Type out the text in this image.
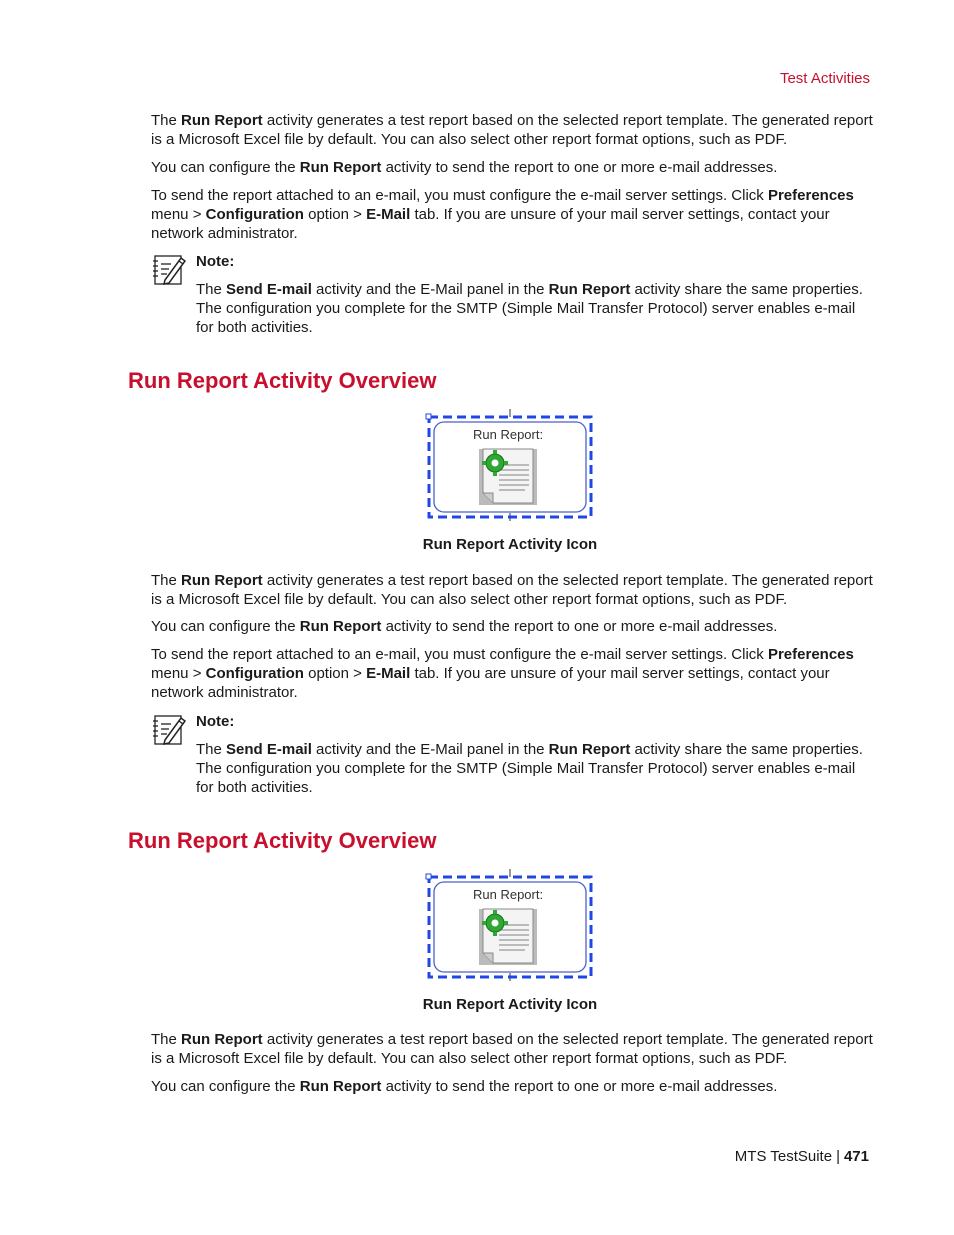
Test Activities

The Run Report activity generates a test report based on the selected report template. The generated report is a Microsoft Excel file by default. You can also select other report format options, such as PDF.

You can configure the Run Report activity to send the report to one or more e-mail addresses.

To send the report attached to an e-mail, you must configure the e-mail server settings. Click Preferences menu > Configuration option > E-Mail tab. If you are unsure of your mail server settings, contact your network administrator.

Note:

The Send E-mail activity and the E-Mail panel in the Run Report activity share the same properties. The configuration you complete for the SMTP (Simple Mail Transfer Protocol) server enables e-mail for both activities.

Run Report Activity Overview
Run Report:
Run Report Activity Icon

The Run Report activity generates a test report based on the selected report template. The generated report is a Microsoft Excel file by default. You can also select other report format options, such as PDF.

You can configure the Run Report activity to send the report to one or more e-mail addresses.

To send the report attached to an e-mail, you must configure the e-mail server settings. Click Preferences menu > Configuration option > E-Mail tab. If you are unsure of your mail server settings, contact your network administrator.

Note:

The Send E-mail activity and the E-Mail panel in the Run Report activity share the same properties. The configuration you complete for the SMTP (Simple Mail Transfer Protocol) server enables e-mail for both activities.

Run Report Activity Overview
Run Report:
Run Report Activity Icon

The Run Report activity generates a test report based on the selected report template. The generated report is a Microsoft Excel file by default. You can also select other report format options, such as PDF.

You can configure the Run Report activity to send the report to one or more e-mail addresses.

MTS TestSuite | 471
